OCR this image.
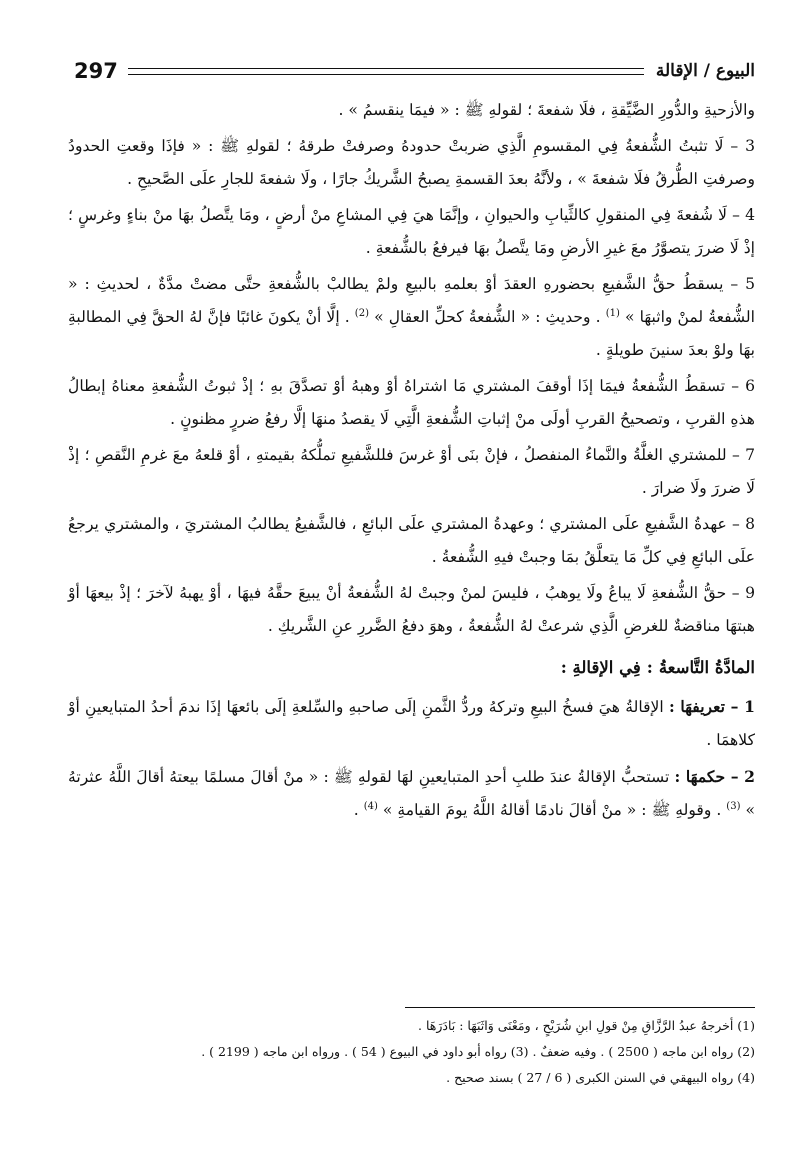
297	البيوع / الإقالة

والأزحيةِ والدُّورِ الضَّيِّقةِ ، فلَا شفعةَ ؛ لقولهِ ﷺ : « فيمَا ينقسمُ » .

3 – لَا تثبتُ الشُّفعةُ فِي المقسومِ الَّذِي ضربتْ حدودهُ وصرفتْ طرقهُ ؛ لقولهِ ﷺ : « فإذَا وقعتِ الحدودُ وصرفتِ الطُّرقُ فلَا شفعةَ » ، ولأنَّهُ بعدَ القسمةِ يصبحُ الشَّريكُ جارًا ، ولَا شفعةَ للجارِ علَى الصَّحيحِ .

4 – لَا شُفعةَ فِي المنقولِ كالثِّيابِ والحيوانِ ، وإنَّمَا هيَ فِي المشاعِ منْ أرضٍ ، ومَا يتَّصلُ بهَا منْ بناءٍ وغرسٍ ؛ إذْ لَا ضررَ يتصوَّرُ معَ غيرِ الأرضِ ومَا يتَّصلُ بهَا فيرفعُ بالشُّفعةِ .

5 – يسقطُ حقُّ الشَّفيعِ بحضورهِ العقدَ أوْ بعلمهِ بالبيعِ ولمْ يطالبْ بالشُّفعةِ حتَّى مضتْ مدَّةٌ ، لحديثِ : « الشُّفعةُ لمنْ واثبهَا » $^{(1)}$ . وحديثِ : « الشُّفعةُ كحلِّ العقالِ » $^{(2)}$ . إلَّا أنْ يكونَ غائبًا فإنَّ لهُ الحقَّ فِي المطالبةِ بهَا ولوْ بعدَ سنينَ طويلةٍ .

6 – تسقطُ الشُّفعةُ فيمَا إذَا أوقفَ المشتري مَا اشتراهُ أوْ وهبهُ أوْ تصدَّقَ بهِ ؛ إذْ ثبوتُ الشُّفعةِ معناهُ إبطالُ هذهِ القربِ ، وتصحيحُ القربِ أولَى منْ إثباتِ الشُّفعةِ الَّتِي لَا يقصدُ منهَا إلَّا رفعُ ضررٍ مظنونٍ .

7 – للمشتري الغلَّةُ والنَّماءُ المنفصلُ ، فإنْ بنَى أوْ غرسَ فللشَّفيعِ تملُّكهُ بقيمتهِ ، أوْ قلعهُ معَ غرمِ النَّقصِ ؛ إذْ لَا ضررَ ولَا ضرارَ .

8 – عهدةُ الشَّفيعِ علَى المشتري ؛ وعهدةُ المشتري علَى البائعِ ، فالشَّفيعُ يطالبُ المشتريَ ، والمشتري يرجعُ علَى البائعِ فِي كلِّ مَا يتعلَّقُ بمَا وجبتْ فيهِ الشُّفعةُ .

9 – حقُّ الشُّفعةِ لَا يباعُ ولَا يوهبُ ، فليسَ لمنْ وجبتْ لهُ الشُّفعةُ أنْ يبيعَ حقَّهُ فيهَا ، أوْ يهبهُ لآخرَ ؛ إذْ بيعهَا أوْ هبتهَا مناقضةٌ للغرضِ الَّذِي شرعتْ لهُ الشُّفعةُ ، وهوَ دفعُ الضَّررِ عنِ الشَّريكِ .

المادَّةُ التَّاسعةُ:فِي الإقالةِ :

1 – تعريفهَا : الإقالةُ هيَ فسخُ البيعِ وتركهُ وردُّ الثَّمنِ إلَى صاحبهِ والسِّلعةِ إلَى بائعهَا إذَا ندمَ أحدُ المتبايعينِ أوْ كلاهمَا .

2 – حكمهَا : تستحبُّ الإقالةُ عندَ طلبِ أحدِ المتبايعينِ لهَا لقولهِ ﷺ : « منْ أقالَ مسلمًا بيعتهُ أقالَ اللَّهُ عثرتهُ » $^{(3)}$ . وقولهِ ﷺ : « منْ أقالَ نادمًا أقالهُ اللَّهُ يومَ القيامةِ » $^{(4)}$ .

(1) أخرجهُ عبدُ الرَّزَّاقِ مِنْ قولِ ابنِ شُرَيْحٍ ، ومَعْنَى وَاثَبَهَا : بَادَرَهَا .
(2) رواه ابن ماجه ( 2500 ) . وفيه ضعفٌ . (3) رواه أبو داود في البيوع ( 54 ) . ورواه ابن ماجه ( 2199 ) .
(4) رواه البيهقي في السنن الكبرى ( 6 / 27 ) بسند صحيح .
